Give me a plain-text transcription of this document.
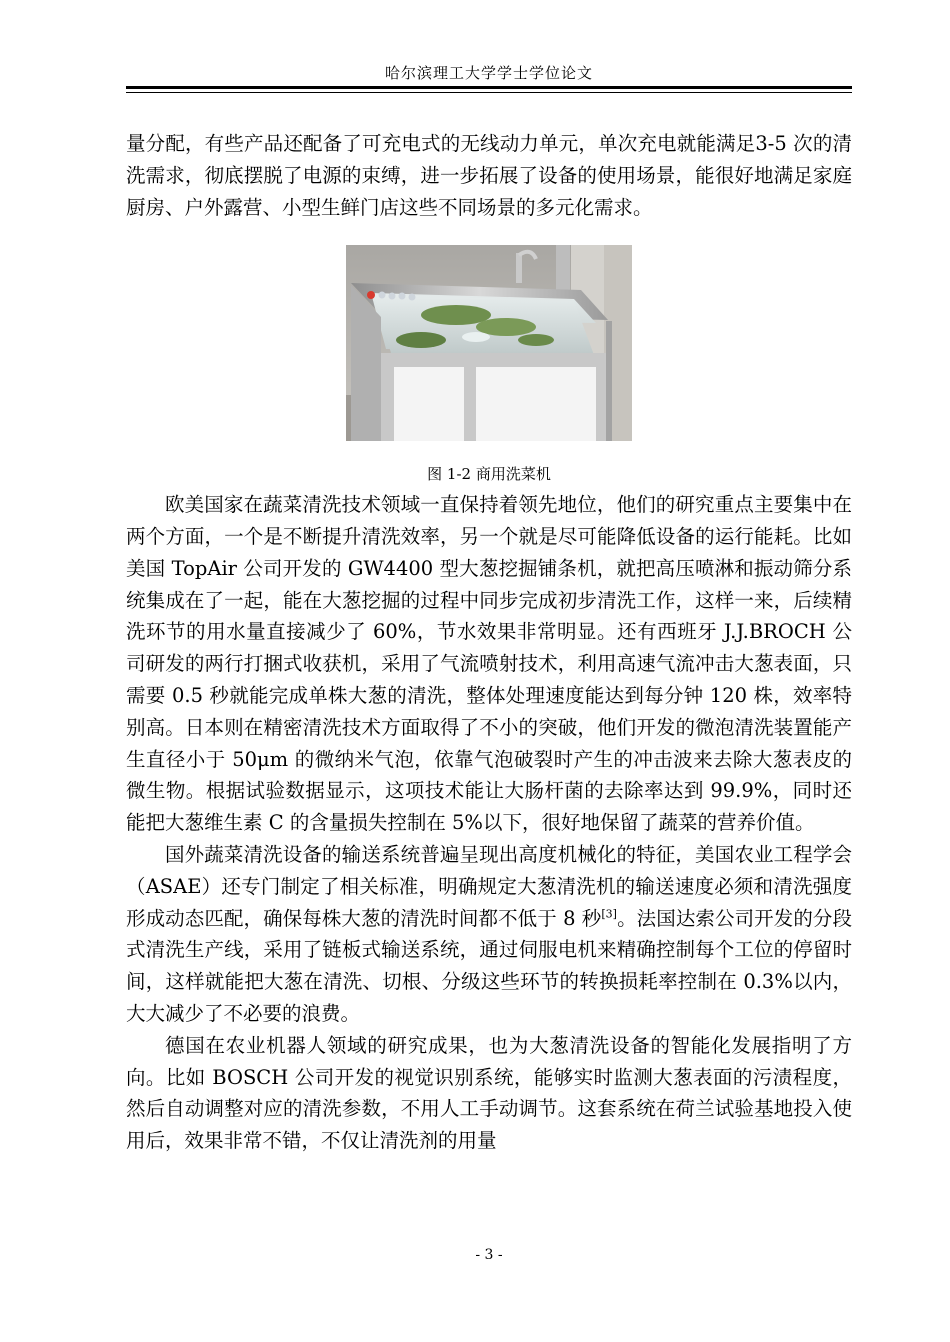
哈尔滨理工大学学士学位论文

量分配，有些产品还配备了可充电式的无线动力单元，单次充电就能满足3-5 次的清洗需求，彻底摆脱了电源的束缚，进一步拓展了设备的使用场景，能很好地满足家庭厨房、户外露营、小型生鲜门店这些不同场景的多元化需求。

图 1-2 商用洗菜机

欧美国家在蔬菜清洗技术领域一直保持着领先地位，他们的研究重点主要集中在两个方面，一个是不断提升清洗效率，另一个就是尽可能降低设备的运行能耗。比如美国 TopAir 公司开发的 GW4400 型大葱挖掘铺条机，就把高压喷淋和振动筛分系统集成在了一起，能在大葱挖掘的过程中同步完成初步清洗工作，这样一来，后续精洗环节的用水量直接减少了 60%，节水效果非常明显。还有西班牙 J.J.BROCH 公司研发的两行打捆式收获机，采用了气流喷射技术，利用高速气流冲击大葱表面，只需要 0.5 秒就能完成单株大葱的清洗，整体处理速度能达到每分钟 120 株，效率特别高。日本则在精密清洗技术方面取得了不小的突破，他们开发的微泡清洗装置能产生直径小于 50μm 的微纳米气泡，依靠气泡破裂时产生的冲击波来去除大葱表皮的微生物。根据试验数据显示，这项技术能让大肠杆菌的去除率达到 99.9%，同时还能把大葱维生素 C 的含量损失控制在 5%以下，很好地保留了蔬菜的营养价值。

国外蔬菜清洗设备的输送系统普遍呈现出高度机械化的特征，美国农业工程学会（ASAE）还专门制定了相关标准，明确规定大葱清洗机的输送速度必须和清洗强度形成动态匹配，确保每株大葱的清洗时间都不低于 8 秒[3]。法国达索公司开发的分段式清洗生产线，采用了链板式输送系统，通过伺服电机来精确控制每个工位的停留时间，这样就能把大葱在清洗、切根、分级这些环节的转换损耗率控制在 0.3%以内，大大减少了不必要的浪费。

德国在农业机器人领域的研究成果，也为大葱清洗设备的智能化发展指明了方向。比如 BOSCH 公司开发的视觉识别系统，能够实时监测大葱表面的污渍程度，然后自动调整对应的清洗参数，不用人工手动调节。这套系统在荷兰试验基地投入使用后，效果非常不错，不仅让清洗剂的用量

- 3 -
